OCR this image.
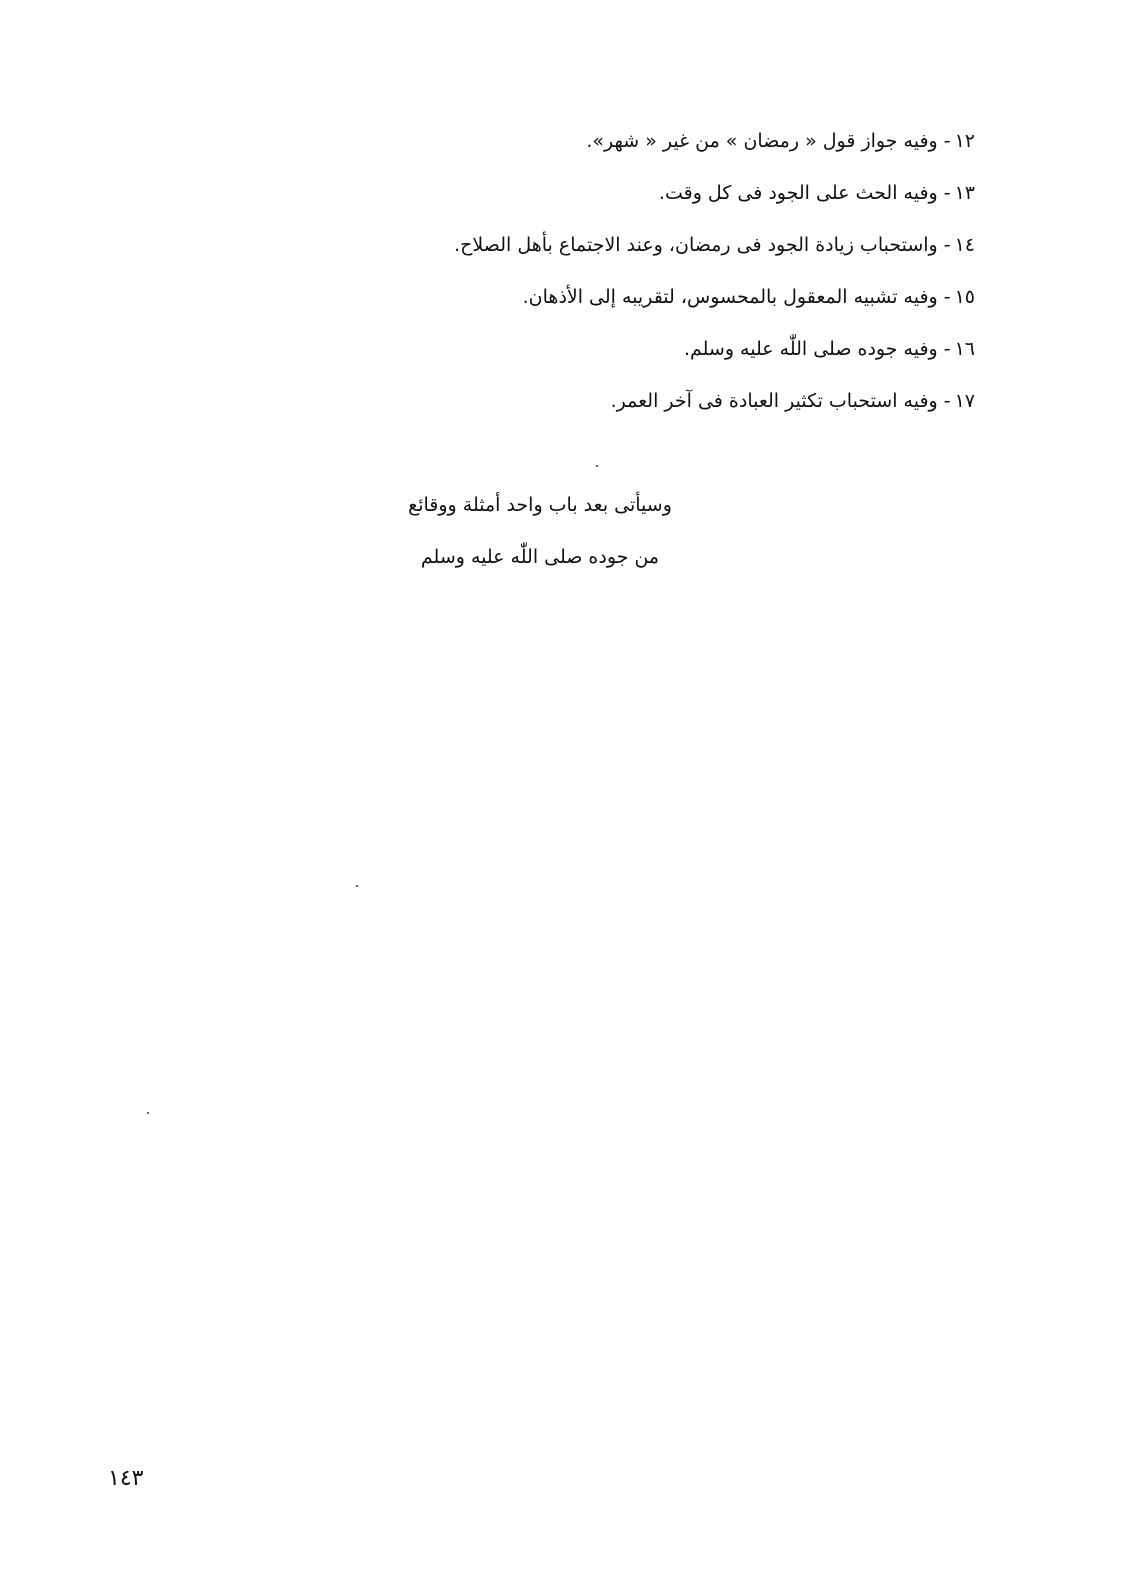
١٢-وفيه جواز قول « رمضان » من غير « شهر».
١٣-وفيه الحث على الجود فى كل وقت.
١٤-واستحباب زيادة الجود فى رمضان، وعند الاجتماع بأهل الصلاح.
١٥-وفيه تشبيه المعقول بالمحسوس، لتقريبه إلى الأذهان.
١٦-وفيه جوده صلى اللّٰه عليه وسلم.
١٧-وفيه استحباب تكثير العبادة فى آخر العمر.
وسيأتى بعد باب واحد أمثلة ووقائع
من جوده صلى اللّٰه عليه وسلم
١٤٣
